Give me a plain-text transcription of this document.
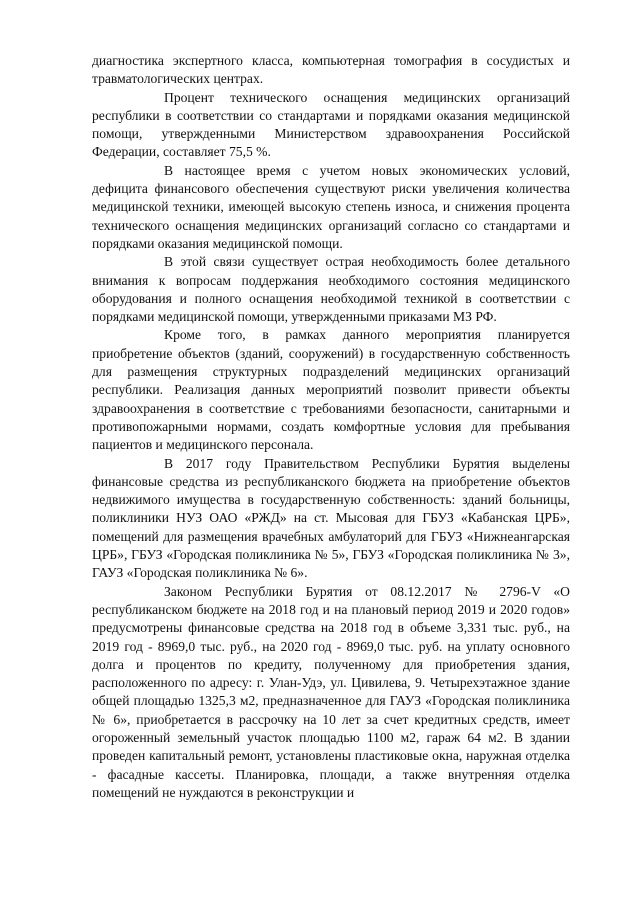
диагностика экспертного класса, компьютерная томография в сосудистых и травматологических центрах.

Процент технического оснащения медицинских организаций республики в соответствии со стандартами и порядками оказания медицинской помощи, утвержденными Министерством здравоохранения Российской Федерации, составляет 75,5 %.

В настоящее время с учетом новых экономических условий, дефицита финансового обеспечения существуют риски увеличения количества медицинской техники, имеющей высокую степень износа, и снижения процента технического оснащения медицинских организаций согласно со стандартами и порядками оказания медицинской помощи.

В этой связи существует острая необходимость более детального внимания к вопросам поддержания необходимого состояния медицинского оборудования и полного оснащения необходимой техникой в соответствии с порядками медицинской помощи, утвержденными приказами МЗ РФ.

Кроме того, в рамках данного мероприятия планируется приобретение объектов (зданий, сооружений) в государственную собственность для размещения структурных подразделений медицинских организаций республики. Реализация данных мероприятий позволит привести объекты здравоохранения в соответствие с требованиями безопасности, санитарными и противопожарными нормами, создать комфортные условия для пребывания пациентов и медицинского персонала.

В 2017 году Правительством Республики Бурятия выделены финансовые средства из республиканского бюджета на приобретение объектов недвижимого имущества в государственную собственность: зданий больницы, поликлиники НУЗ ОАО «РЖД» на ст. Мысовая для ГБУЗ «Кабанская ЦРБ», помещений для размещения врачебных амбулаторий для ГБУЗ «Нижнеангарская ЦРБ», ГБУЗ «Городская поликлиника № 5», ГБУЗ «Городская поликлиника № 3», ГАУЗ «Городская поликлиника № 6».

Законом Республики Бурятия от 08.12.2017 № 2796-V «О республиканском бюджете на 2018 год и на плановый период 2019 и 2020 годов» предусмотрены финансовые средства на 2018 год в объеме 3,331 тыс. руб., на 2019 год - 8969,0 тыс. руб., на 2020 год - 8969,0 тыс. руб. на уплату основного долга и процентов по кредиту, полученному для приобретения здания, расположенного по адресу: г. Улан-Удэ, ул. Цивилева, 9. Четырехэтажное здание общей площадью 1325,3 м2, предназначенное для ГАУЗ «Городская поликлиника № 6», приобретается в рассрочку на 10 лет за счет кредитных средств, имеет огороженный земельный участок площадью 1100 м2, гараж 64 м2. В здании проведен капитальный ремонт, установлены пластиковые окна, наружная отделка - фасадные кассеты. Планировка, площади, а также внутренняя отделка помещений не нуждаются в реконструкции и
